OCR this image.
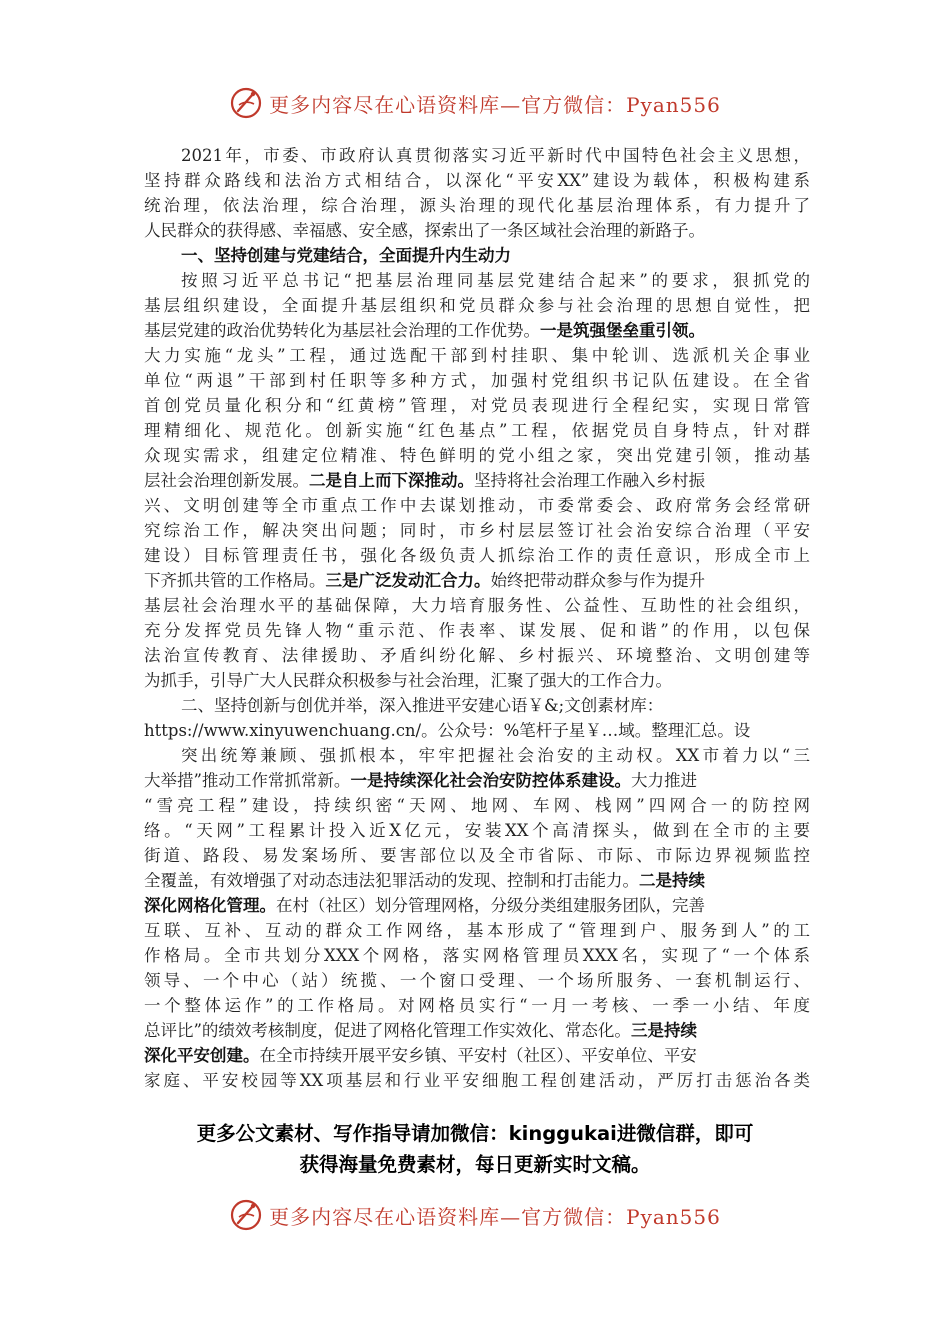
更多内容尽在心语资料库—官方微信：Pyan556
2021年，市委、市政府认真贯彻落实习近平新时代中国特色社会主义思想，
坚持群众路线和法治方式相结合，以深化“平安XX”建设为载体，积极构建系
统治理，依法治理，综合治理，源头治理的现代化基层治理体系，有力提升了
人民群众的获得感、幸福感、安全感，探索出了一条区域社会治理的新路子。
一、坚持创建与党建结合，全面提升内生动力
按照习近平总书记“把基层治理同基层党建结合起来”的要求，狠抓党的
基层组织建设，全面提升基层组织和党员群众参与社会治理的思想自觉性，把
基层党建的政治优势转化为基层社会治理的工作优势。一是筑强堡垒重引领。
大力实施“龙头”工程，通过选配干部到村挂职、集中轮训、选派机关企事业
单位“两退”干部到村任职等多种方式，加强村党组织书记队伍建设。在全省
首创党员量化积分和“红黄榜”管理，对党员表现进行全程纪实，实现日常管
理精细化、规范化。创新实施“红色基点”工程，依据党员自身特点，针对群
众现实需求，组建定位精准、特色鲜明的党小组之家，突出党建引领，推动基
层社会治理创新发展。二是自上而下深推动。坚持将社会治理工作融入乡村振
兴、文明创建等全市重点工作中去谋划推动，市委常委会、政府常务会经常研
究综治工作，解决突出问题；同时，市乡村层层签订社会治安综合治理（平安
建设）目标管理责任书，强化各级负责人抓综治工作的责任意识，形成全市上
下齐抓共管的工作格局。三是广泛发动汇合力。始终把带动群众参与作为提升
基层社会治理水平的基础保障，大力培育服务性、公益性、互助性的社会组织，
充分发挥党员先锋人物“重示范、作表率、谋发展、促和谐”的作用，以包保
法治宣传教育、法律援助、矛盾纠纷化解、乡村振兴、环境整治、文明创建等
为抓手，引导广大人民群众积极参与社会治理，汇聚了强大的工作合力。
二、坚持创新与创优并举，深入推进平安建心语￥&;文创素材库：
https://www.xinyuwenchuang.cn/。公众号：%笔杆子星￥…域。整理汇总。设
突出统筹兼顾、强抓根本，牢牢把握社会治安的主动权。XX市着力以“三
大举措”推动工作常抓常新。一是持续深化社会治安防控体系建设。大力推进
“雪亮工程”建设，持续织密“天网、地网、车网、栈网”四网合一的防控网
络。“天网”工程累计投入近X亿元，安装XX个高清探头，做到在全市的主要
街道、路段、易发案场所、要害部位以及全市省际、市际、市际边界视频监控
全覆盖，有效增强了对动态违法犯罪活动的发现、控制和打击能力。二是持续
深化网格化管理。在村（社区）划分管理网格，分级分类组建服务团队，完善
互联、互补、互动的群众工作网络，基本形成了“管理到户、服务到人”的工
作格局。全市共划分XXX个网格，落实网格管理员XXX名，实现了“一个体系
领导、一个中心（站）统揽、一个窗口受理、一个场所服务、一套机制运行、
一个整体运作”的工作格局。对网格员实行“一月一考核、一季一小结、年度
总评比”的绩效考核制度，促进了网格化管理工作实效化、常态化。三是持续
深化平安创建。在全市持续开展平安乡镇、平安村（社区）、平安单位、平安
家庭、平安校园等XX项基层和行业平安细胞工程创建活动，严厉打击惩治各类
更多公文素材、写作指导请加微信：kinggukai进微信群，即可
获得海量免费素材，每日更新实时文稿。
更多内容尽在心语资料库—官方微信：Pyan556
